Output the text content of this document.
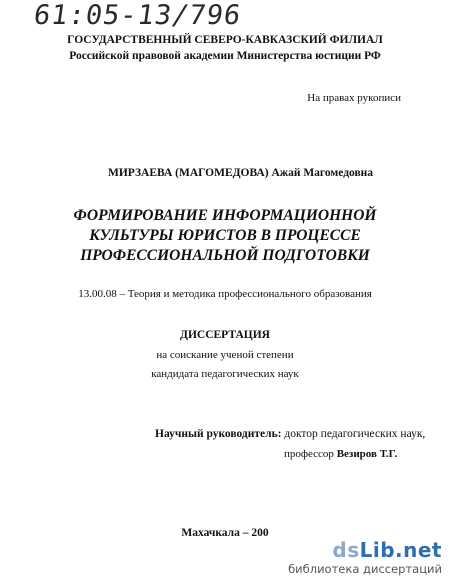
61:05-13/796
ГОСУДАРСТВЕННЫЙ СЕВЕРО-КАВКАЗСКИЙ ФИЛИАЛ
Российской правовой академии Министерства юстиции РФ
На правах рукописи
МИРЗАЕВА (МАГОМЕДОВА) Ажай Магомедовна
ФОРМИРОВАНИЕ ИНФОРМАЦИОННОЙ
КУЛЬТУРЫ ЮРИСТОВ В ПРОЦЕССЕ
ПРОФЕССИОНАЛЬНОЙ ПОДГОТОВКИ
13.00.08 – Теория и методика профессионального образования
ДИССЕРТАЦИЯ
на соискание ученой степени
кандидата педагогических наук
Научный руководитель: доктор педагогических наук,
профессор Везиров Т.Г.
Махачкала – 200
dsLib.net
библиотека диссертаций
